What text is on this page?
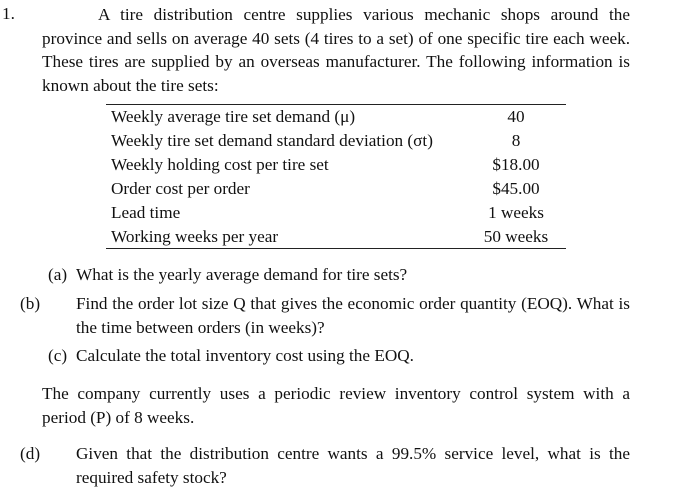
1.	A tire distribution centre supplies various mechanic shops around the province and sells on average 40 sets (4 tires to a set) of one specific tire each week. These tires are supplied by an overseas manufacturer. The following information is known about the tire sets:
Weekly average tire set demand (μ)	40
Weekly tire set demand standard deviation (σt)	8
Weekly holding cost per tire set	$18.00
Order cost per order	$45.00
Lead time	1 weeks
Working weeks per year	50 weeks
(a) What is the yearly average demand for tire sets?
(b) Find the order lot size Q that gives the economic order quantity (EOQ). What is the time between orders (in weeks)?
(c) Calculate the total inventory cost using the EOQ.
The company currently uses a periodic review inventory control system with a period (P) of 8 weeks.
(d) Given that the distribution centre wants a 99.5% service level, what is the required safety stock?
